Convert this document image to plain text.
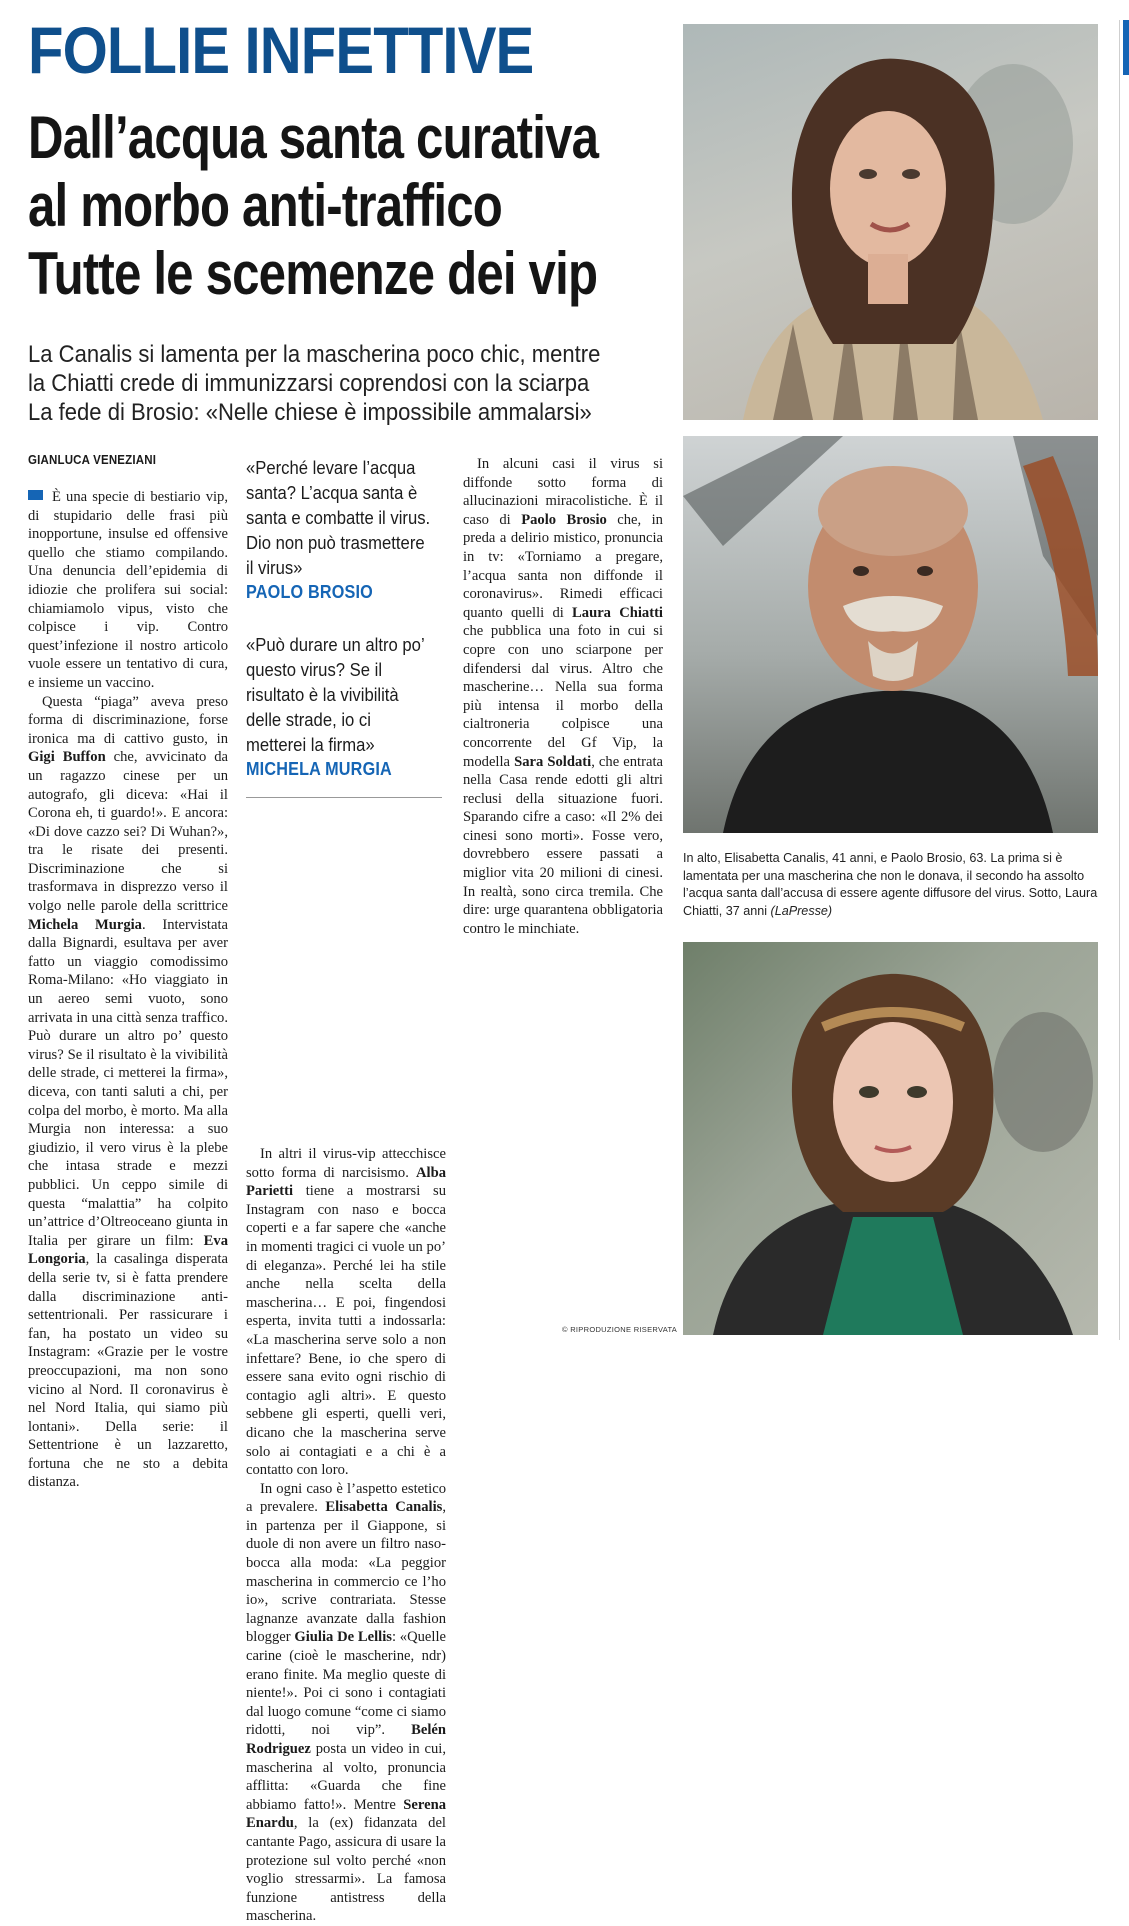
FOLLIE INFETTIVE
Dall’acqua santa curativa
al morbo anti-traffico
Tutte le scemenze dei vip
La Canalis si lamenta per la mascherina poco chic, mentre
la Chiatti crede di immunizzarsi coprendosi con la sciarpa
La fede di Brosio: «Nelle chiese è impossibile ammalarsi»
GIANLUCA VENEZIANI

È una specie di bestiario vip, di stupidario delle frasi più inopportune, insulse ed offensive quello che stiamo compilando. Una denuncia dell’epidemia di idiozie che prolifera sui social: chiamiamolo vipus, visto che colpisce i vip. Contro quest’infezione il nostro articolo vuole essere un tentativo di cura, e insieme un vaccino.

Questa “piaga” aveva preso forma di discriminazione, forse ironica ma di cattivo gusto, in Gigi Buffon che, avvicinato da un ragazzo cinese per un autografo, gli diceva: «Hai il Corona eh, ti guardo!». E ancora: «Di dove cazzo sei? Di Wuhan?», tra le risate dei presenti. Discriminazione che si trasformava in disprezzo verso il volgo nelle parole della scrittrice Michela Murgia. Intervistata dalla Bignardi, esultava per aver fatto un viaggio comodissimo Roma-Milano: «Ho viaggiato in un aereo semi vuoto, sono arrivata in una città senza traffico. Può durare un altro po’ questo virus? Se il risultato è la vivibilità delle strade, ci metterei la firma», diceva, con tanti saluti a chi, per colpa del morbo, è morto. Ma alla Murgia non interessa: a suo giudizio, il vero virus è la plebe che intasa strade e mezzi pubblici. Un ceppo simile di questa “malattia” ha colpito un’attrice d’Oltreoceano giunta in Italia per girare un film: Eva Longoria, la casalinga disperata della serie tv, si è fatta prendere dalla discriminazione anti-settentrionali. Per rassicurare i fan, ha postato un video su Instagram: «Grazie per le vostre preoccupazioni, ma non sono vicino al Nord. Il coronavirus è nel Nord Italia, qui siamo più lontani». Della serie: il Settentrione è un lazzaretto, fortuna che ne sto a debita distanza.

«Perché levare l’acqua santa? L’acqua santa è santa e combatte il virus. Dio non può trasmettere il virus»
PAOLO BROSIO
«Può durare un altro po’ questo virus? Se il risultato è la vivibilità delle strade, io ci metterei la firma»
MICHELA MURGIA

In altri il virus-vip attecchisce sotto forma di narcisismo. Alba Parietti tiene a mostrarsi su Instagram con naso e bocca coperti e a far sapere che «anche in momenti tragici ci vuole un po’ di eleganza». Perché lei ha stile anche nella scelta della mascherina… E poi, fingendosi esperta, invita tutti a indossarla: «La mascherina serve solo a non infettare? Bene, io che spero di essere sana evito ogni rischio di contagio agli altri». E questo sebbene gli esperti, quelli veri, dicano che la mascherina serve solo ai contagiati e a chi è a contatto con loro.

In ogni caso è l’aspetto estetico a prevalere. Elisabetta Canalis, in partenza per il Giappone, si duole di non avere un filtro naso-bocca alla moda: «La peggior mascherina in commercio ce l’ho io», scrive contrariata. Stesse lagnanze avanzate dalla fashion blogger Giulia De Lellis: «Quelle carine (cioè le mascherine, ndr) erano finite. Ma meglio queste di niente!». Poi ci sono i contagiati dal luogo comune “come ci siamo ridotti, noi vip”. Belén Rodriguez posta un video in cui, mascherina al volto, pronuncia afflitta: «Guarda che fine abbiamo fatto!». Mentre Serena Enardu, la (ex) fidanzata del cantante Pago, assicura di usare la protezione sul volto perché «non voglio stressarmi». La famosa funzione antistress della mascherina.

In alcuni casi il virus si diffonde sotto forma di allucinazioni miracolistiche. È il caso di Paolo Brosio che, in preda a delirio mistico, pronuncia in tv: «Torniamo a pregare, l’acqua santa non diffonde il coronavirus». Rimedi efficaci quanto quelli di Laura Chiatti che pubblica una foto in cui si copre con uno sciarpone per difendersi dal virus. Altro che mascherine… Nella sua forma più intensa il morbo della cialtroneria colpisce una concorrente del Gf Vip, la modella Sara Soldati, che entrata nella Casa rende edotti gli altri reclusi della situazione fuori. Sparando cifre a caso: «Il 2% dei cinesi sono morti». Fosse vero, dovrebbero essere passati a miglior vita 20 milioni di cinesi. In realtà, sono circa tremila. Che dire: urge quarantena obbligatoria contro le minchiate.

In alto, Elisabetta Canalis, 41 anni, e Paolo Brosio, 63. La prima si è lamentata per una mascherina che non le donava, il secondo ha assolto l’acqua santa dall’accusa di essere agente diffusore del virus. Sotto, Laura Chiatti, 37 anni (LaPresse)
© RIPRODUZIONE RISERVATA
